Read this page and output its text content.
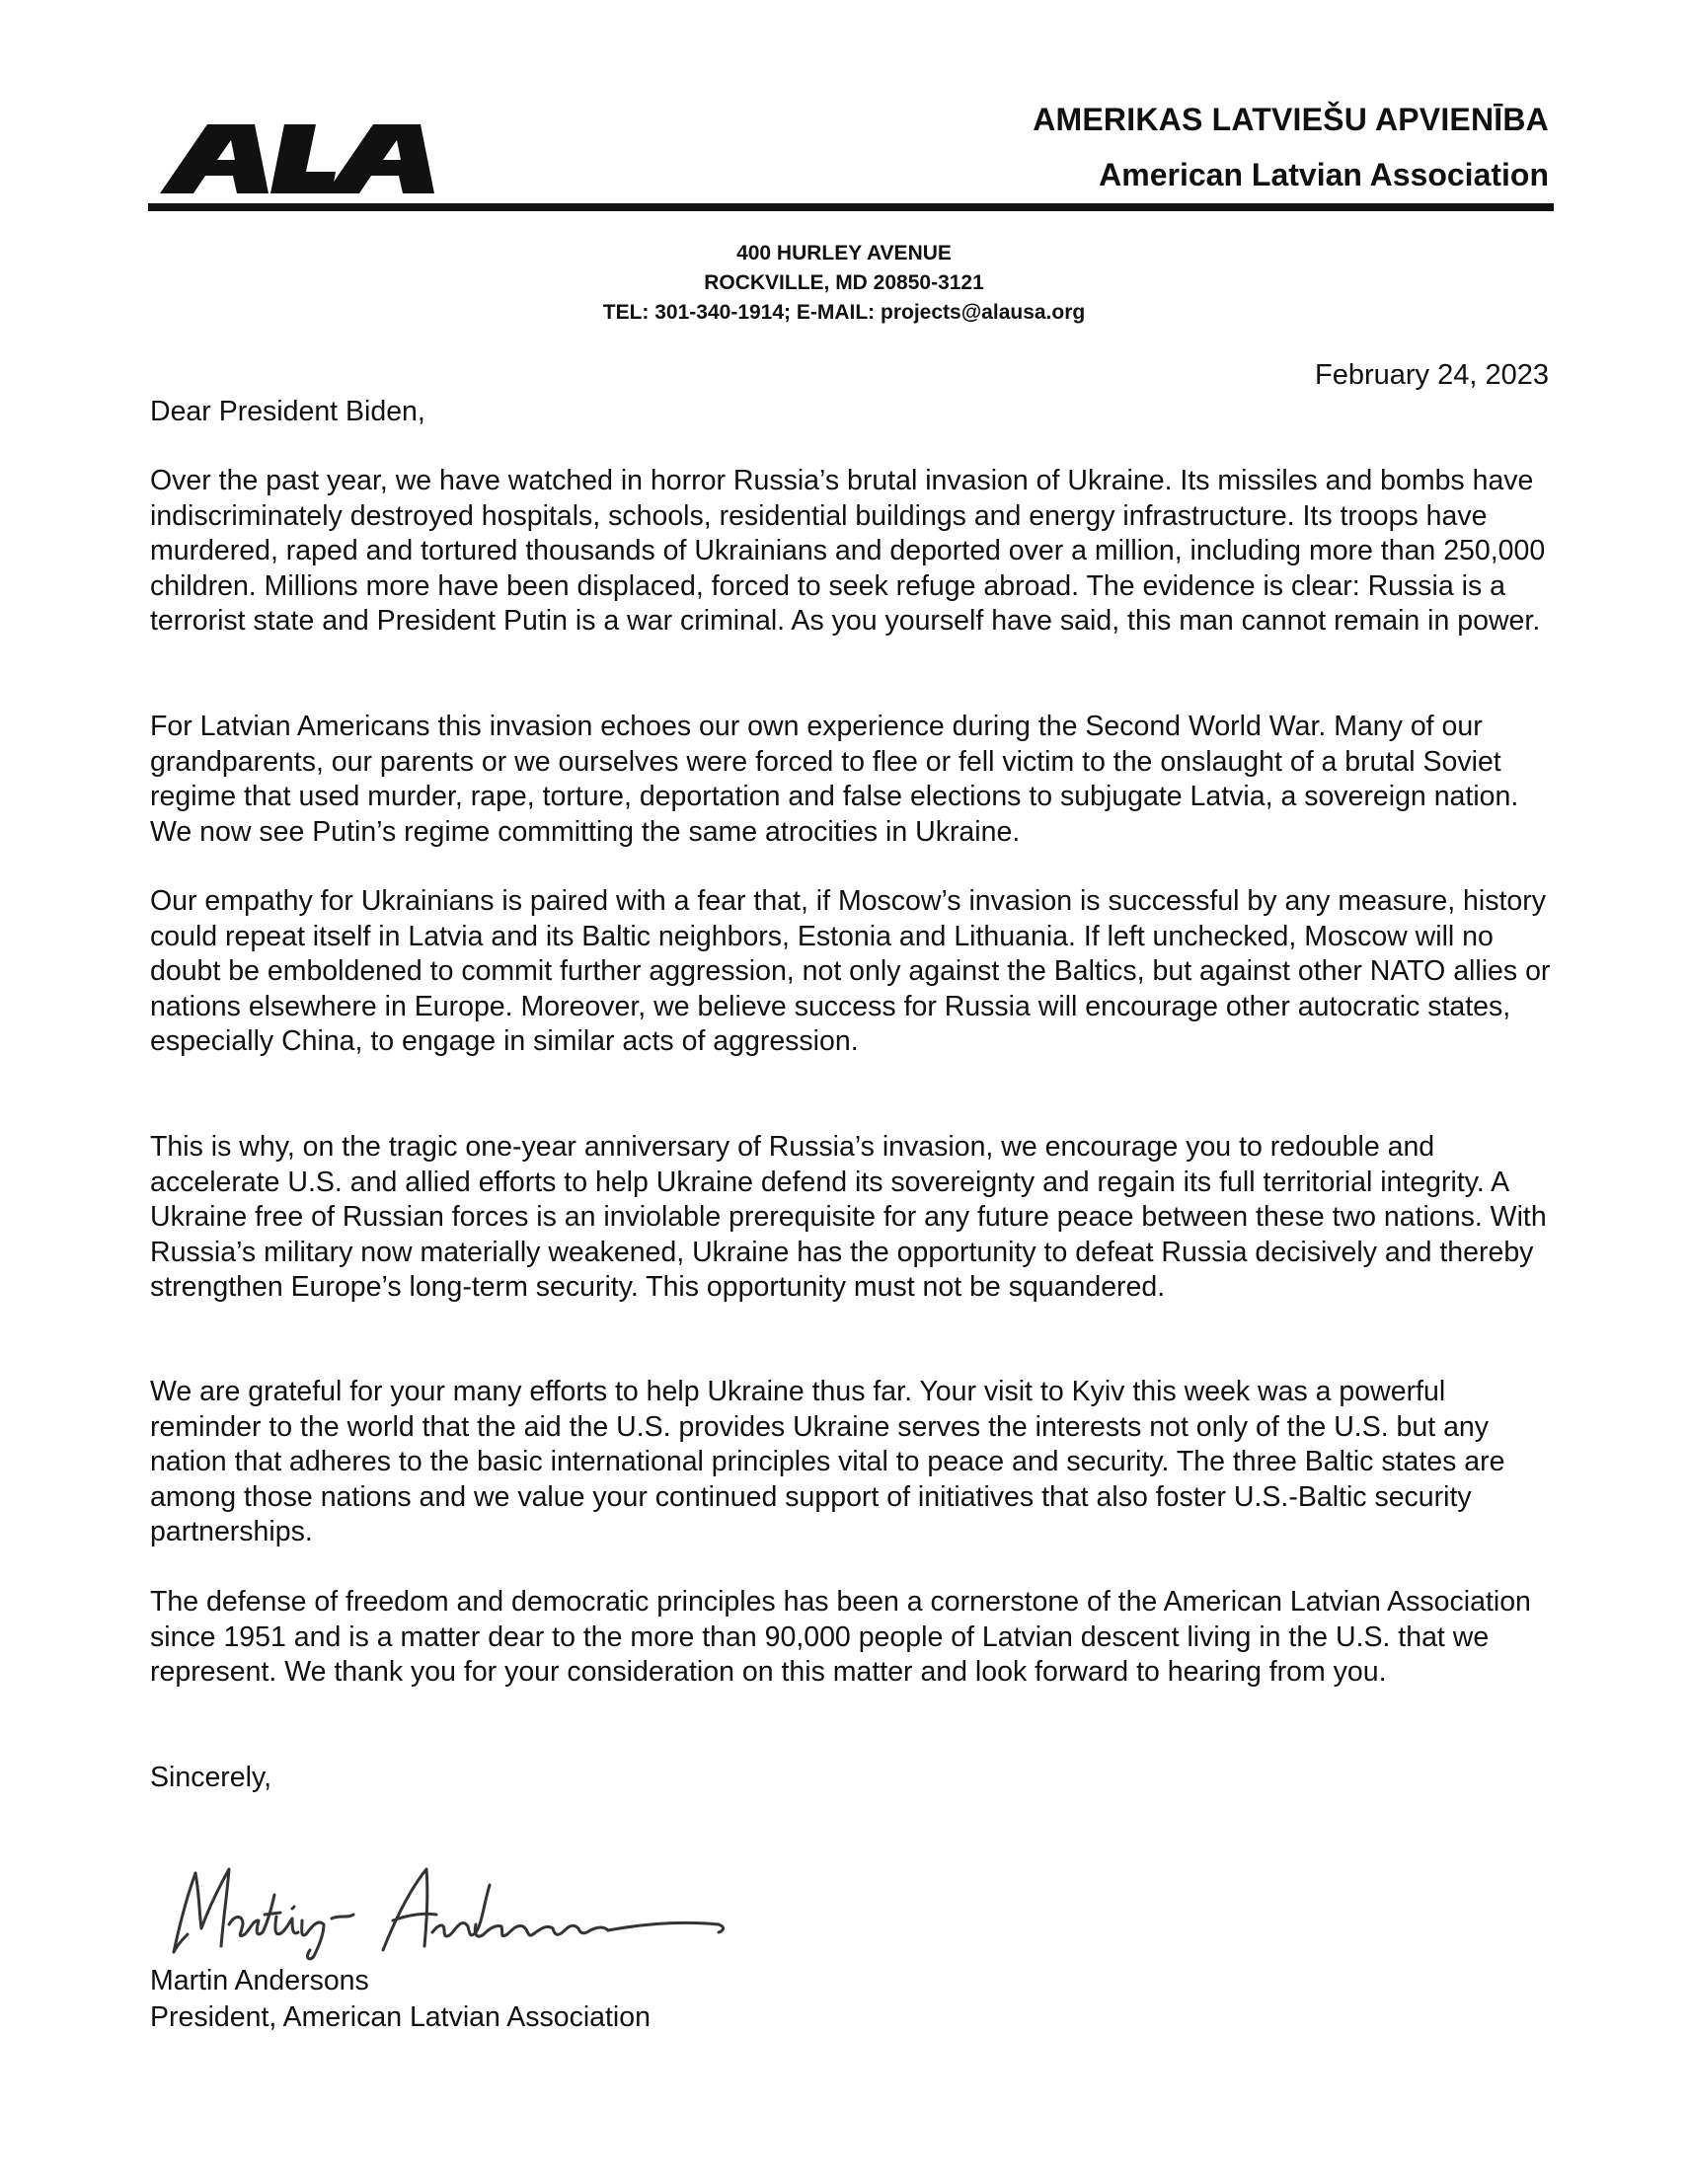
AMERIKAS LATVIEŠU APVIENĪBA
American Latvian Association
400 HURLEY AVENUE
ROCKVILLE, MD 20850-3121
TEL: 301-340-1914; E-MAIL: projects@alausa.org
February 24, 2023
Dear President Biden,

Over the past year, we have watched in horror Russia’s brutal invasion of Ukraine. Its missiles and bombs have indiscriminately destroyed hospitals, schools, residential buildings and energy infrastructure. Its troops have murdered, raped and tortured thousands of Ukrainians and deported over a million, including more than 250,000 children. Millions more have been displaced, forced to seek refuge abroad. The evidence is clear: Russia is a terrorist state and President Putin is a war criminal. As you yourself have said, this man cannot remain in power.

For Latvian Americans this invasion echoes our own experience during the Second World War. Many of our grandparents, our parents or we ourselves were forced to flee or fell victim to the onslaught of a brutal Soviet regime that used murder, rape, torture, deportation and false elections to subjugate Latvia, a sovereign nation. We now see Putin’s regime committing the same atrocities in Ukraine.

Our empathy for Ukrainians is paired with a fear that, if Moscow’s invasion is successful by any measure, history could repeat itself in Latvia and its Baltic neighbors, Estonia and Lithuania. If left unchecked, Moscow will no doubt be emboldened to commit further aggression, not only against the Baltics, but against other NATO allies or nations elsewhere in Europe. Moreover, we believe success for Russia will encourage other autocratic states, especially China, to engage in similar acts of aggression.

This is why, on the tragic one-year anniversary of Russia’s invasion, we encourage you to redouble and accelerate U.S. and allied efforts to help Ukraine defend its sovereignty and regain its full territorial integrity. A Ukraine free of Russian forces is an inviolable prerequisite for any future peace between these two nations. With Russia’s military now materially weakened, Ukraine has the opportunity to defeat Russia decisively and thereby strengthen Europe’s long-term security. This opportunity must not be squandered.

We are grateful for your many efforts to help Ukraine thus far. Your visit to Kyiv this week was a powerful reminder to the world that the aid the U.S. provides Ukraine serves the interests not only of the U.S. but any nation that adheres to the basic international principles vital to peace and security. The three Baltic states are among those nations and we value your continued support of initiatives that also foster U.S.-Baltic security partnerships.

The defense of freedom and democratic principles has been a cornerstone of the American Latvian Association since 1951 and is a matter dear to the more than 90,000 people of Latvian descent living in the U.S. that we represent. We thank you for your consideration on this matter and look forward to hearing from you.

Sincerely,
Martin Andersons
President, American Latvian Association
